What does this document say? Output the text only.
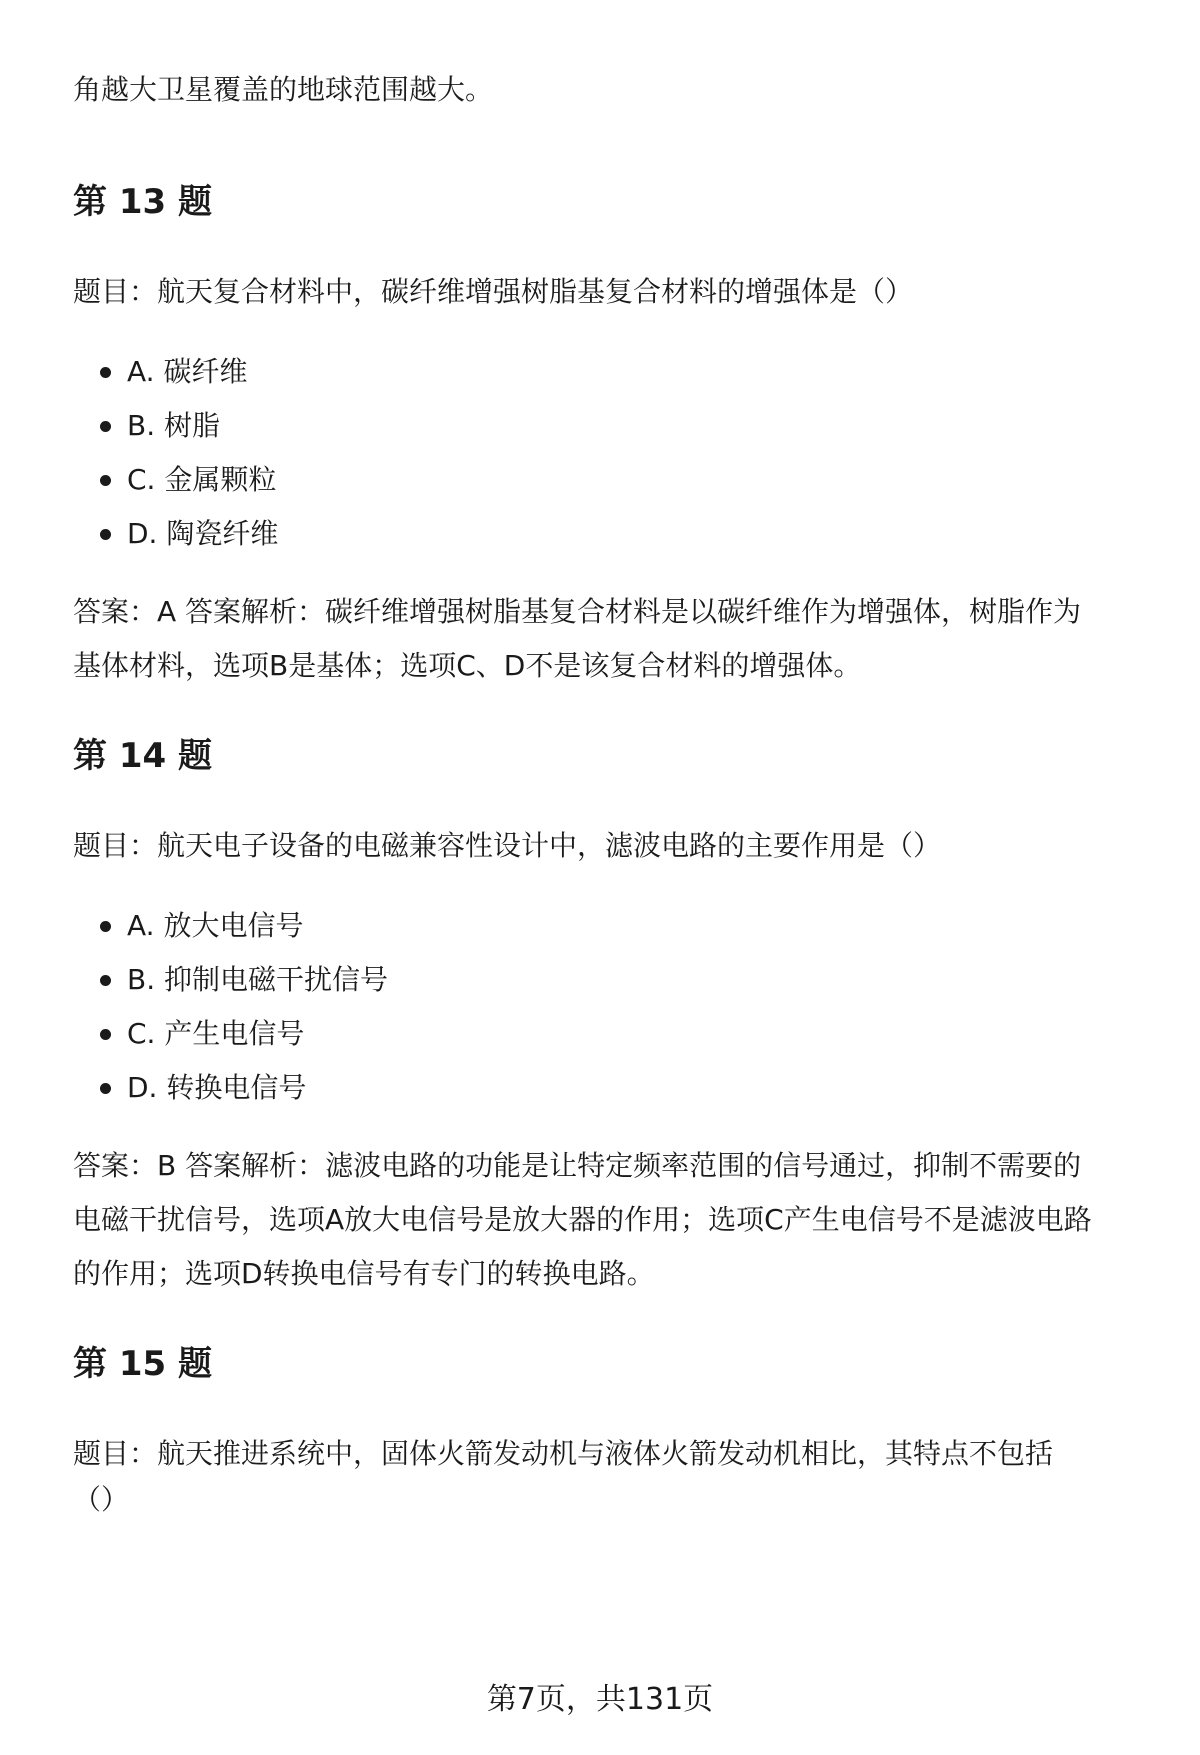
角越大卫星覆盖的地球范围越大。

第 13 题

题目：航天复合材料中，碳纤维增强树脂基复合材料的增强体是（）

A. 碳纤维
B. 树脂
C. 金属颗粒
D. 陶瓷纤维

答案：A 答案解析：碳纤维增强树脂基复合材料是以碳纤维作为增强体，树脂作为

基体材料，选项B是基体；选项C、D不是该复合材料的增强体。

第 14 题

题目：航天电子设备的电磁兼容性设计中，滤波电路的主要作用是（）

A. 放大电信号
B. 抑制电磁干扰信号
C. 产生电信号
D. 转换电信号

答案：B 答案解析：滤波电路的功能是让特定频率范围的信号通过，抑制不需要的

电磁干扰信号，选项A放大电信号是放大器的作用；选项C产生电信号不是滤波电路

的作用；选项D转换电信号有专门的转换电路。

第 15 题

题目：航天推进系统中，固体火箭发动机与液体火箭发动机相比，其特点不包括

（）

第7页，共131页
